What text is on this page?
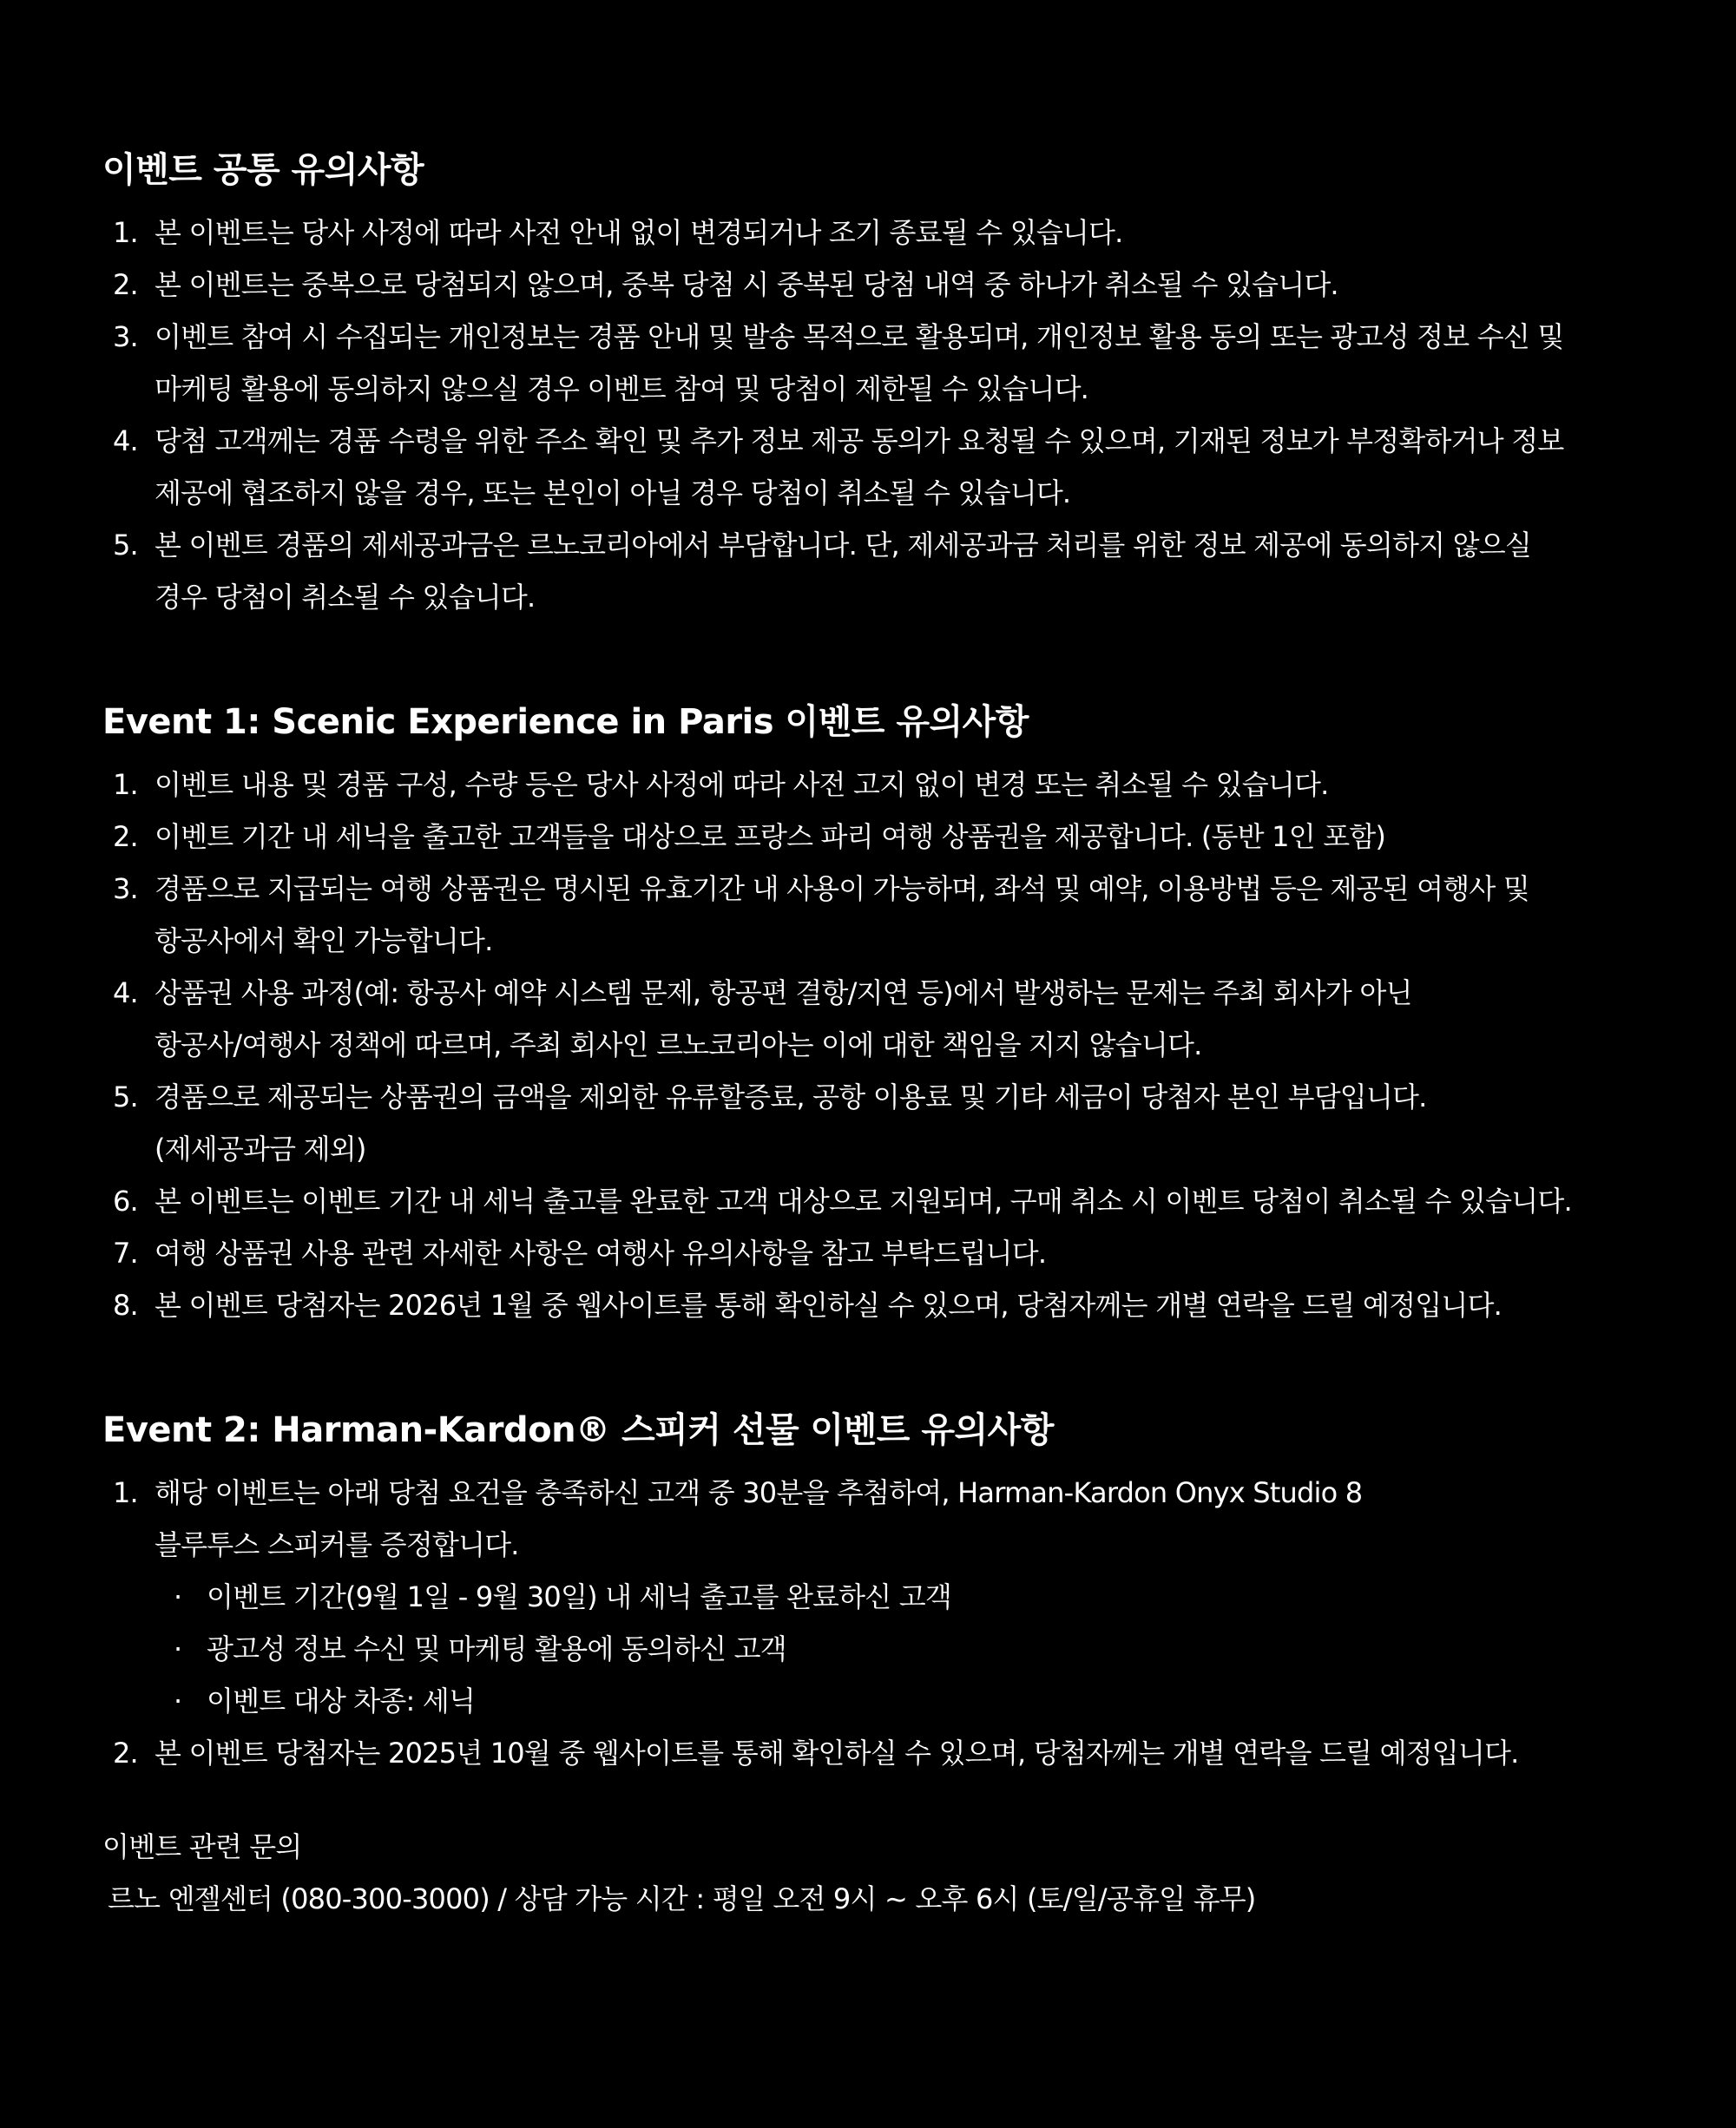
이벤트 공통 유의사항
1. 본 이벤트는 당사 사정에 따라 사전 안내 없이 변경되거나 조기 종료될 수 있습니다.
2. 본 이벤트는 중복으로 당첨되지 않으며, 중복 당첨 시 중복된 당첨 내역 중 하나가 취소될 수 있습니다.
3. 이벤트 참여 시 수집되는 개인정보는 경품 안내 및 발송 목적으로 활용되며, 개인정보 활용 동의 또는 광고성 정보 수신 및
마케팅 활용에 동의하지 않으실 경우 이벤트 참여 및 당첨이 제한될 수 있습니다.
4. 당첨 고객께는 경품 수령을 위한 주소 확인 및 추가 정보 제공 동의가 요청될 수 있으며, 기재된 정보가 부정확하거나 정보
제공에 협조하지 않을 경우, 또는 본인이 아닐 경우 당첨이 취소될 수 있습니다.
5. 본 이벤트 경품의 제세공과금은 르노코리아에서 부담합니다. 단, 제세공과금 처리를 위한 정보 제공에 동의하지 않으실
경우 당첨이 취소될 수 있습니다.
Event 1: Scenic Experience in Paris 이벤트 유의사항
1. 이벤트 내용 및 경품 구성, 수량 등은 당사 사정에 따라 사전 고지 없이 변경 또는 취소될 수 있습니다.
2. 이벤트 기간 내 세닉을 출고한 고객들을 대상으로 프랑스 파리 여행 상품권을 제공합니다. (동반 1인 포함)
3. 경품으로 지급되는 여행 상품권은 명시된 유효기간 내 사용이 가능하며, 좌석 및 예약, 이용방법 등은 제공된 여행사 및
항공사에서 확인 가능합니다.
4. 상품권 사용 과정(예: 항공사 예약 시스템 문제, 항공편 결항/지연 등)에서 발생하는 문제는 주최 회사가 아닌
항공사/여행사 정책에 따르며, 주최 회사인 르노코리아는 이에 대한 책임을 지지 않습니다.
5. 경품으로 제공되는 상품권의 금액을 제외한 유류할증료, 공항 이용료 및 기타 세금이 당첨자 본인 부담입니다.
(제세공과금 제외)
6. 본 이벤트는 이벤트 기간 내 세닉 출고를 완료한 고객 대상으로 지원되며, 구매 취소 시 이벤트 당첨이 취소될 수 있습니다.
7. 여행 상품권 사용 관련 자세한 사항은 여행사 유의사항을 참고 부탁드립니다.
8. 본 이벤트 당첨자는 2026년 1월 중 웹사이트를 통해 확인하실 수 있으며, 당첨자께는 개별 연락을 드릴 예정입니다.
Event 2: Harman-Kardon® 스피커 선물 이벤트 유의사항
1. 해당 이벤트는 아래 당첨 요건을 충족하신 고객 중 30분을 추첨하여, Harman-Kardon Onyx Studio 8
블루투스 스피커를 증정합니다.
· 이벤트 기간(9월 1일 - 9월 30일) 내 세닉 출고를 완료하신 고객
· 광고성 정보 수신 및 마케팅 활용에 동의하신 고객
· 이벤트 대상 차종: 세닉
2. 본 이벤트 당첨자는 2025년 10월 중 웹사이트를 통해 확인하실 수 있으며, 당첨자께는 개별 연락을 드릴 예정입니다.
이벤트 관련 문의
르노 엔젤센터 (080-300-3000) / 상담 가능 시간 : 평일 오전 9시 ~ 오후 6시 (토/일/공휴일 휴무)
